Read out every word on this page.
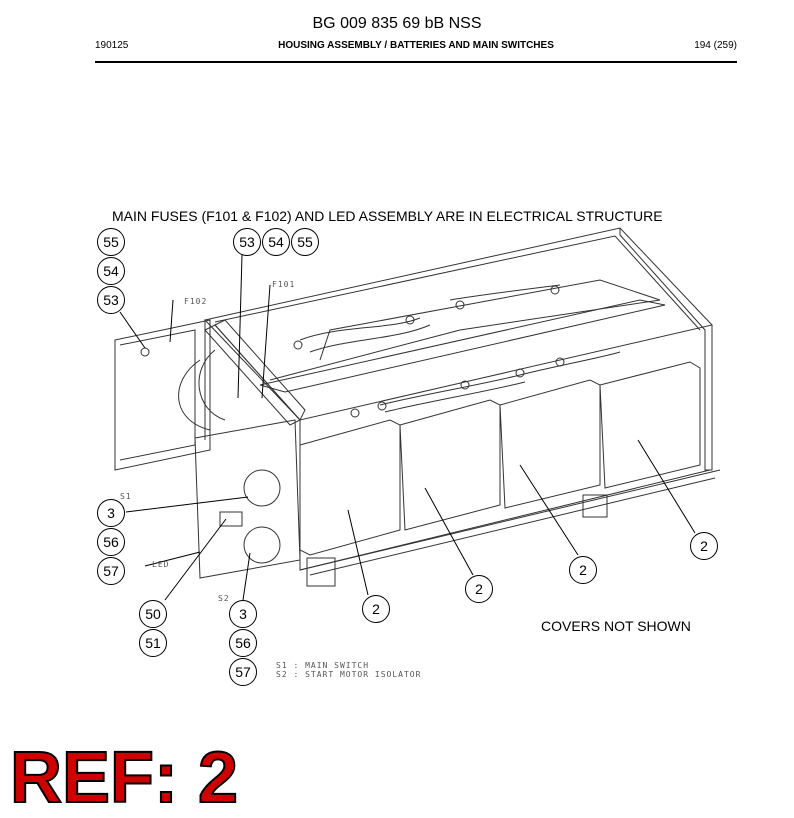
BG 009 835 69 bB NSS
190125	HOUSING ASSEMBLY / BATTERIES AND MAIN SWITCHES	194 (259)
MAIN FUSES (F101 & F102) AND LED ASSEMBLY ARE IN ELECTRICAL STRUCTURE
COVERS NOT SHOWN
F102
F101
S1
S2
LED
S1 : MAIN SWITCH
S2 : START MOTOR ISOLATOR
55
54
53
53 54 55
3
56
57
50
51
3
56
57
2
2
2
2
REF: 2
